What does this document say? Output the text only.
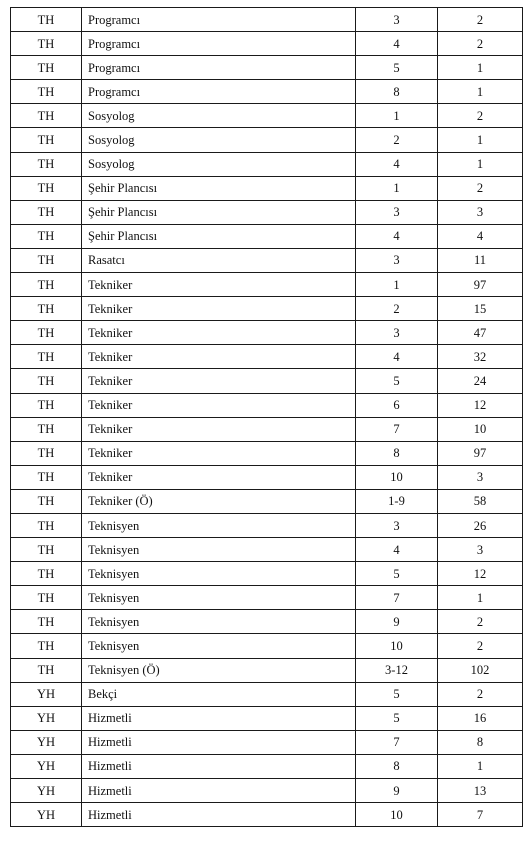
TH	Programcı	3	2
TH	Programcı	4	2
TH	Programcı	5	1
TH	Programcı	8	1
TH	Sosyolog	1	2
TH	Sosyolog	2	1
TH	Sosyolog	4	1
TH	Şehir Plancısı	1	2
TH	Şehir Plancısı	3	3
TH	Şehir Plancısı	4	4
TH	Rasatcı	3	11
TH	Tekniker	1	97
TH	Tekniker	2	15
TH	Tekniker	3	47
TH	Tekniker	4	32
TH	Tekniker	5	24
TH	Tekniker	6	12
TH	Tekniker	7	10
TH	Tekniker	8	97
TH	Tekniker	10	3
TH	Tekniker (Ö)	1-9	58
TH	Teknisyen	3	26
TH	Teknisyen	4	3
TH	Teknisyen	5	12
TH	Teknisyen	7	1
TH	Teknisyen	9	2
TH	Teknisyen	10	2
TH	Teknisyen (Ö)	3-12	102
YH	Bekçi	5	2
YH	Hizmetli	5	16
YH	Hizmetli	7	8
YH	Hizmetli	8	1
YH	Hizmetli	9	13
YH	Hizmetli	10	7
